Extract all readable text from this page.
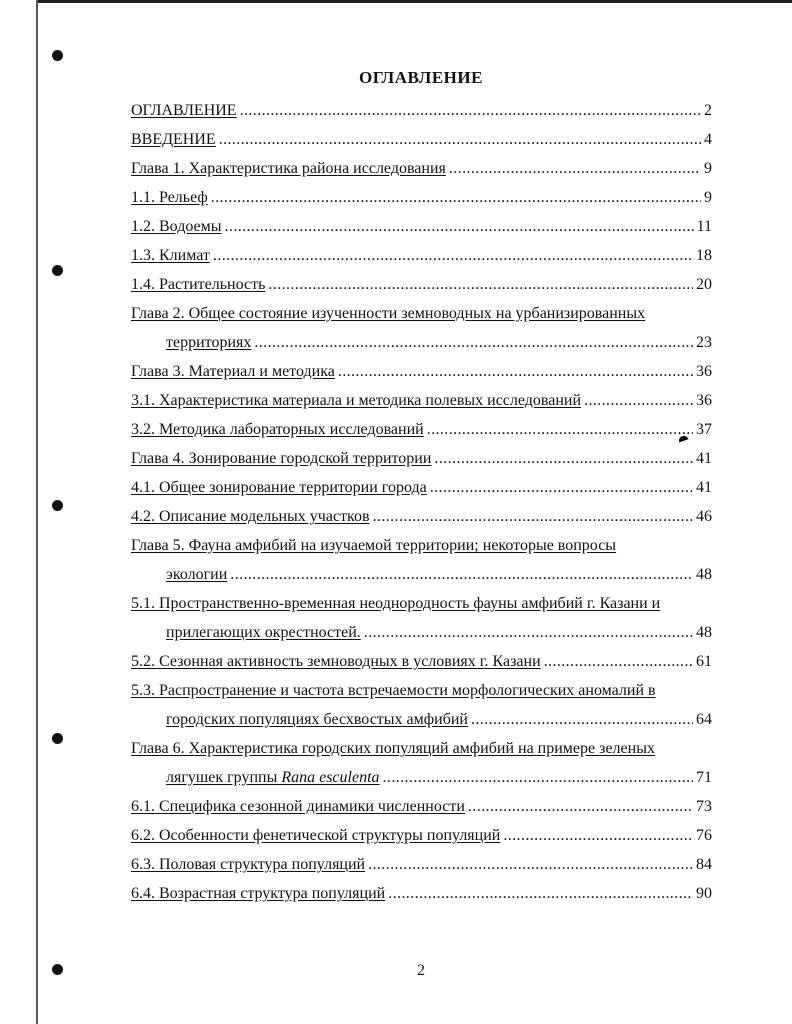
ОГЛАВЛЕНИЕ
ОГЛАВЛЕНИЕ .....	2
ВВЕДЕНИЕ .....	4
Глава 1. Характеристика района исследования .....	9
1.1. Рельеф .....	9
1.2. Водоемы .....	11
1.3. Климат .....	18
1.4. Растительность .....	20
Глава 2. Общее состояние изученности земноводных на урбанизированных
территориях .....	23
Глава 3. Материал и методика .....	36
3.1. Характеристика материала и методика полевых исследований .....	36
3.2. Методика лабораторных исследований .....	37
Глава 4. Зонирование городской территории .....	41
4.1. Общее зонирование территории города .....	41
4.2. Описание модельных участков .....	46
Глава 5. Фауна амфибий на изучаемой территории; некоторые вопросы
экологии .....	48
5.1. Пространственно-временная неоднородность фауны амфибий г. Казани и
прилегающих окрестностей. .....	48
5.2. Сезонная активность земноводных в условиях г. Казани .....	61
5.3. Распространение и частота встречаемости морфологических аномалий в
городских популяциях бесхвостых амфибий .....	64
Глава 6. Характеристика городских популяций амфибий на примере зеленых
лягушек группы Rana esculenta .....	71
6.1. Специфика сезонной динамики численности .....	73
6.2. Особенности фенетической структуры популяций .....	76
6.3. Половая структура популяций .....	84
6.4. Возрастная структура популяций .....	90
2
